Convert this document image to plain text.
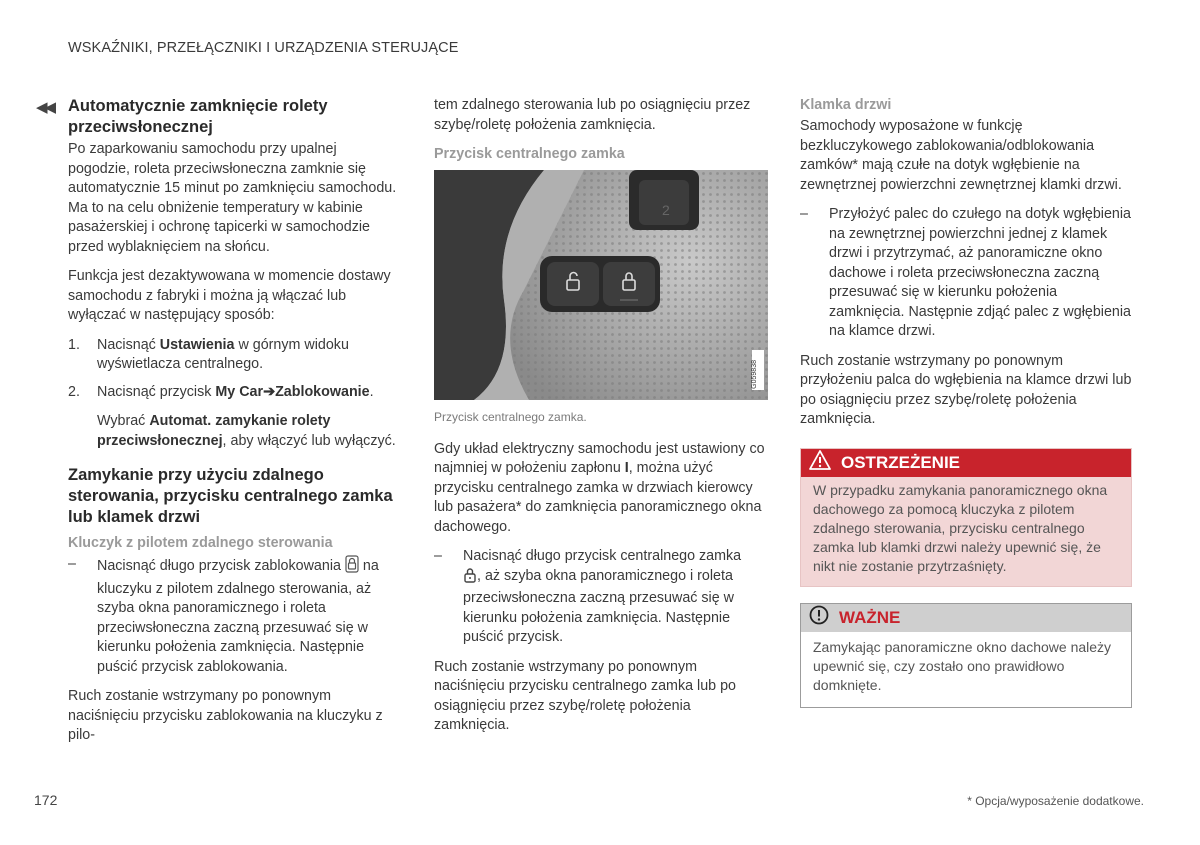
WSKAŹNIKI, PRZEŁĄCZNIKI I URZĄDZENIA STERUJĄCE
◀◀ Automatycznie zamknięcie rolety przeciwsłonecznej

Po zaparkowaniu samochodu przy upalnej pogodzie, roleta przeciwsłoneczna zamknie się automatycznie 15 minut po zamknięciu samochodu. Ma to na celu obniżenie temperatury w kabinie pasażerskiej i ochronę tapicerki w samochodzie przed wyblaknięciem na słońcu.

Funkcja jest dezaktywowana w momencie dostawy samochodu z fabryki i można ją włączać lub wyłączać w następujący sposób:

1. Nacisnąć Ustawienia w górnym widoku wyświetlacza centralnego.
2. Nacisnąć przycisk My Car➔Zablokowanie.
Wybrać Automat. zamykanie rolety przeciwsłonecznej, aby włączyć lub wyłączyć.
Zamykanie przy użyciu zdalnego sterowania, przycisku centralnego zamka lub klamek drzwi
Kluczyk z pilotem zdalnego sterowania
– Nacisnąć długo przycisk zablokowania  na kluczyku z pilotem zdalnego sterowania, aż szyba okna panoramicznego i roleta przeciwsłoneczna zaczną przesuwać się w kierunku położenia zamknięcia. Następnie puścić przycisk zablokowania.

Ruch zostanie wstrzymany po ponownym naciśnięciu przycisku zablokowania na kluczyku z pilo-

tem zdalnego sterowania lub po osiągnięciu przez szybę/roletę położenia zamknięcia.

Przycisk centralnego zamka
2
G059838
Przycisk centralnego zamka.

Gdy układ elektryczny samochodu jest ustawiony co najmniej w położeniu zapłonu I, można użyć przycisku centralnego zamka w drzwiach kierowcy lub pasażera* do zamknięcia panoramicznego okna dachowego.

– Nacisnąć długo przycisk centralnego zamka
, aż szyba okna panoramicznego i roleta przeciwsłoneczna zaczną przesuwać się w kierunku położenia zamknięcia. Następnie puścić przycisk.

Ruch zostanie wstrzymany po ponownym naciśnięciu przycisku centralnego zamka lub po osiągnięciu przez szybę/roletę położenia zamknięcia.

Klamka drzwi

Samochody wyposażone w funkcję bezkluczykowego zablokowania/odblokowania zamków* mają czułe na dotyk wgłębienie na zewnętrznej powierzchni zewnętrznej klamki drzwi.

– Przyłożyć palec do czułego na dotyk wgłębienia na zewnętrznej powierzchni jednej z klamek drzwi i przytrzymać, aż panoramiczne okno dachowe i roleta przeciwsłoneczna zaczną przesuwać się w kierunku położenia zamknięcia. Następnie zdjąć palec z wgłębienia na klamce drzwi.

Ruch zostanie wstrzymany po ponownym przyłożeniu palca do wgłębienia na klamce drzwi lub po osiągnięciu przez szybę/roletę położenia zamknięcia.

OSTRZEŻENIE
W przypadku zamykania panoramicznego okna dachowego za pomocą kluczyka z pilotem zdalnego sterowania, przycisku centralnego zamka lub klamki drzwi należy upewnić się, że nikt nie zostanie przytrzaśnięty.
WAŻNE
Zamykając panoramiczne okno dachowe należy upewnić się, czy zostało ono prawidłowo domknięte.
172	* Opcja/wyposażenie dodatkowe.
